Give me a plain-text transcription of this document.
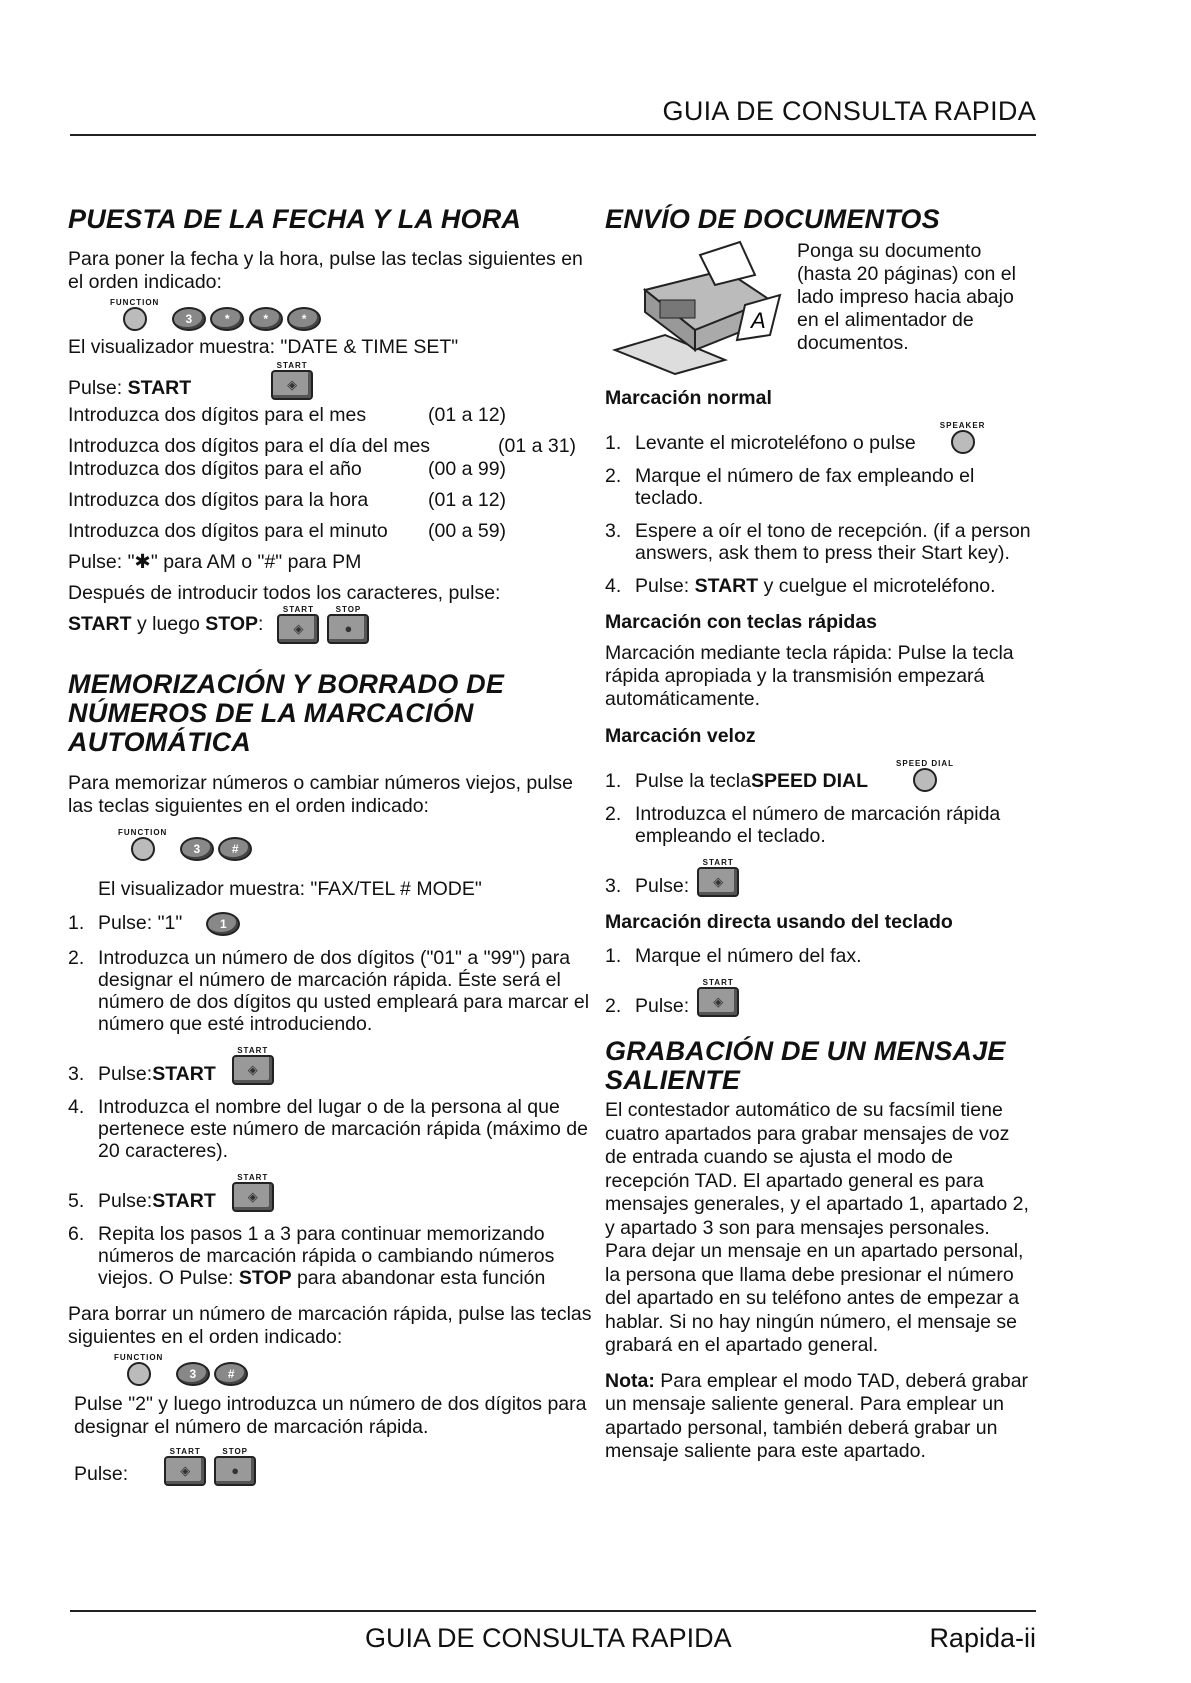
GUIA DE CONSULTA RAPIDA
PUESTA DE LA FECHA Y LA HORA

Para poner la fecha y la hora, pulse las teclas siguientes en el orden indicado:

FUNCTION
3	*	*	*

El visualizador muestra: "DATE & TIME SET"

Pulse: START

START
◈
Introduzca dos dígitos para el mes	(01 a 12)
Introduzca dos dígitos para el día del mes	(01 a 31)
Introduzca dos dígitos para el año	(00 a 99)
Introduzca dos dígitos para la hora	(01 a 12)
Introduzca dos dígitos para el minuto (00 a 59)

Pulse: "✱" para AM o "#" para PM

Después de introducir todos los caracteres, pulse:

START y luego STOP:

START
◈
STOP
●
MEMORIZACIÓN Y BORRADO DE NÚMEROS DE LA MARCACIÓN AUTOMÁTICA

Para memorizar números o cambiar números viejos, pulse las teclas siguientes en el orden indicado:

FUNCTION
3	#

El visualizador muestra: "FAX/TEL # MODE"

1. Pulse: "1"	1
2. Introduzca un número de dos dígitos ("01" a "99") para designar el número de marcación rápida. Éste será el número de dos dígitos qu usted empleará para marcar el número que esté introduciendo.
3. Pulse: START
START
◈
4. Introduzca el nombre del lugar o de la persona al que pertenece este número de marcación rápida (máximo de 20 caracteres).
5. Pulse: START
START
◈
6. Repita los pasos 1 a 3 para continuar memorizando números de marcación rápida o cambiando números viejos. O Pulse: STOP para abandonar esta función

Para borrar un número de marcación rápida, pulse las teclas siguientes en el orden indicado:

FUNCTION
3	#

Pulse "2" y luego introduzca un número de dos dígitos para designar el número de marcación rápida.

Pulse:

START
◈
STOP
●
ENVÍO DE DOCUMENTOS
A

Ponga su documento (hasta 20 páginas) con el lado impreso hacia abajo en el alimentador de documentos.

Marcación normal
1. Levante el microteléfono o pulse
SPEAKER
2. Marque el número de fax empleando el teclado.
3. Espere a oír el tono de recepción. (if a person answers, ask them to press their Start key).
4. Pulse: START y cuelgue el microteléfono.
Marcación con teclas rápidas

Marcación mediante tecla rápida: Pulse la tecla rápida apropiada y la transmisión empezará automáticamente.

Marcación veloz
1. Pulse la tecla SPEED DIAL
SPEED DIAL
2. Introduzca el número de marcación rápida empleando el teclado.
3. Pulse:
START
◈
Marcación directa usando del teclado
1. Marque el número del fax.
2. Pulse:
START
◈
GRABACIÓN DE UN MENSAJE SALIENTE

El contestador automático de su facsímil tiene cuatro apartados para grabar mensajes de voz de entrada cuando se ajusta el modo de recepción TAD. El apartado general es para mensajes generales, y el apartado 1, apartado 2, y apartado 3 son para mensajes personales. Para dejar un mensaje en un apartado personal, la persona que llama debe presionar el número del apartado en su teléfono antes de empezar a hablar. Si no hay ningún número, el mensaje se grabará en el apartado general.

Nota: Para emplear el modo TAD, deberá grabar un mensaje saliente general. Para emplear un apartado personal, también deberá grabar un mensaje saliente para este apartado.

GUIA DE CONSULTA RAPIDA	Rapida-ii
